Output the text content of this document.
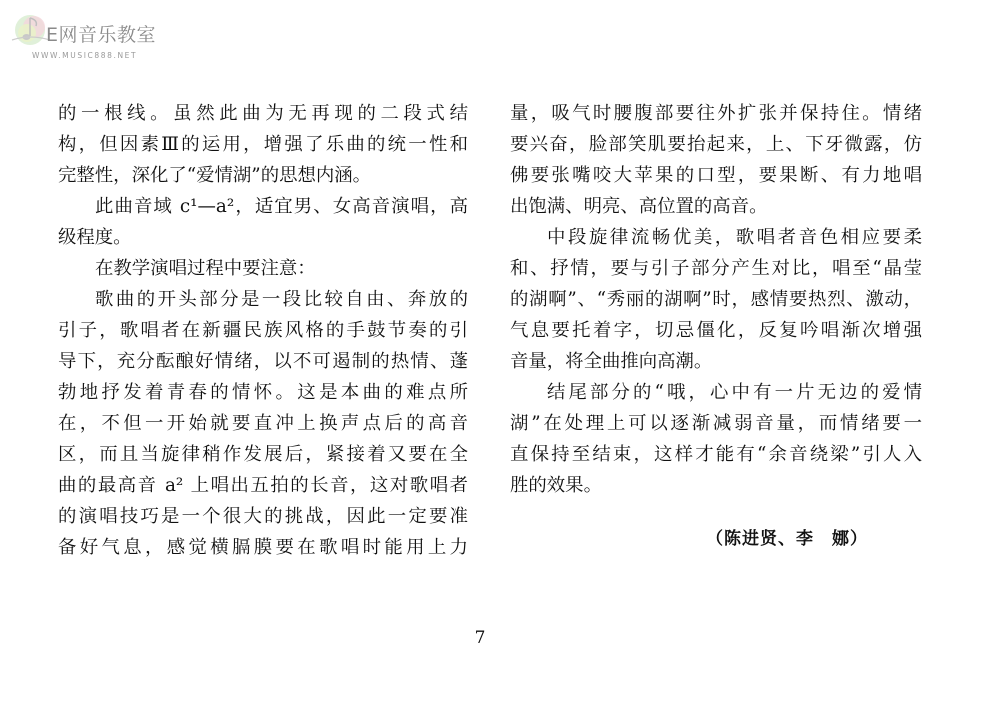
E网音乐教室
WWW.MUSIC888.NET
的一根线。虽然此曲为无再现的二段式结
构，但因素Ⅲ的运用，增强了乐曲的统一性和
完整性，深化了“爱情湖”的思想内涵。
此曲音域 c¹—a²，适宜男、女高音演唱，高
级程度。
在教学演唱过程中要注意：
歌曲的开头部分是一段比较自由、奔放的
引子，歌唱者在新疆民族风格的手鼓节奏的引
导下，充分酝酿好情绪，以不可遏制的热情、蓬
勃地抒发着青春的情怀。这是本曲的难点所
在，不但一开始就要直冲上换声点后的高音
区，而且当旋律稍作发展后，紧接着又要在全
曲的最高音 a² 上唱出五拍的长音，这对歌唱者
的演唱技巧是一个很大的挑战，因此一定要准
备好气息，感觉横膈膜要在歌唱时能用上力
量，吸气时腰腹部要往外扩张并保持住。情绪
要兴奋，脸部笑肌要抬起来，上、下牙微露，仿
佛要张嘴咬大苹果的口型，要果断、有力地唱
出饱满、明亮、高位置的高音。
中段旋律流畅优美，歌唱者音色相应要柔
和、抒情，要与引子部分产生对比，唱至“晶莹
的湖啊”、“秀丽的湖啊”时，感情要热烈、激动，
气息要托着字，切忌僵化，反复吟唱渐次增强
音量，将全曲推向高潮。
结尾部分的“哦，心中有一片无边的爱情
湖”在处理上可以逐渐减弱音量，而情绪要一
直保持至结束，这样才能有“余音绕梁”引人入
胜的效果。
（陈进贤、李　娜）
7
